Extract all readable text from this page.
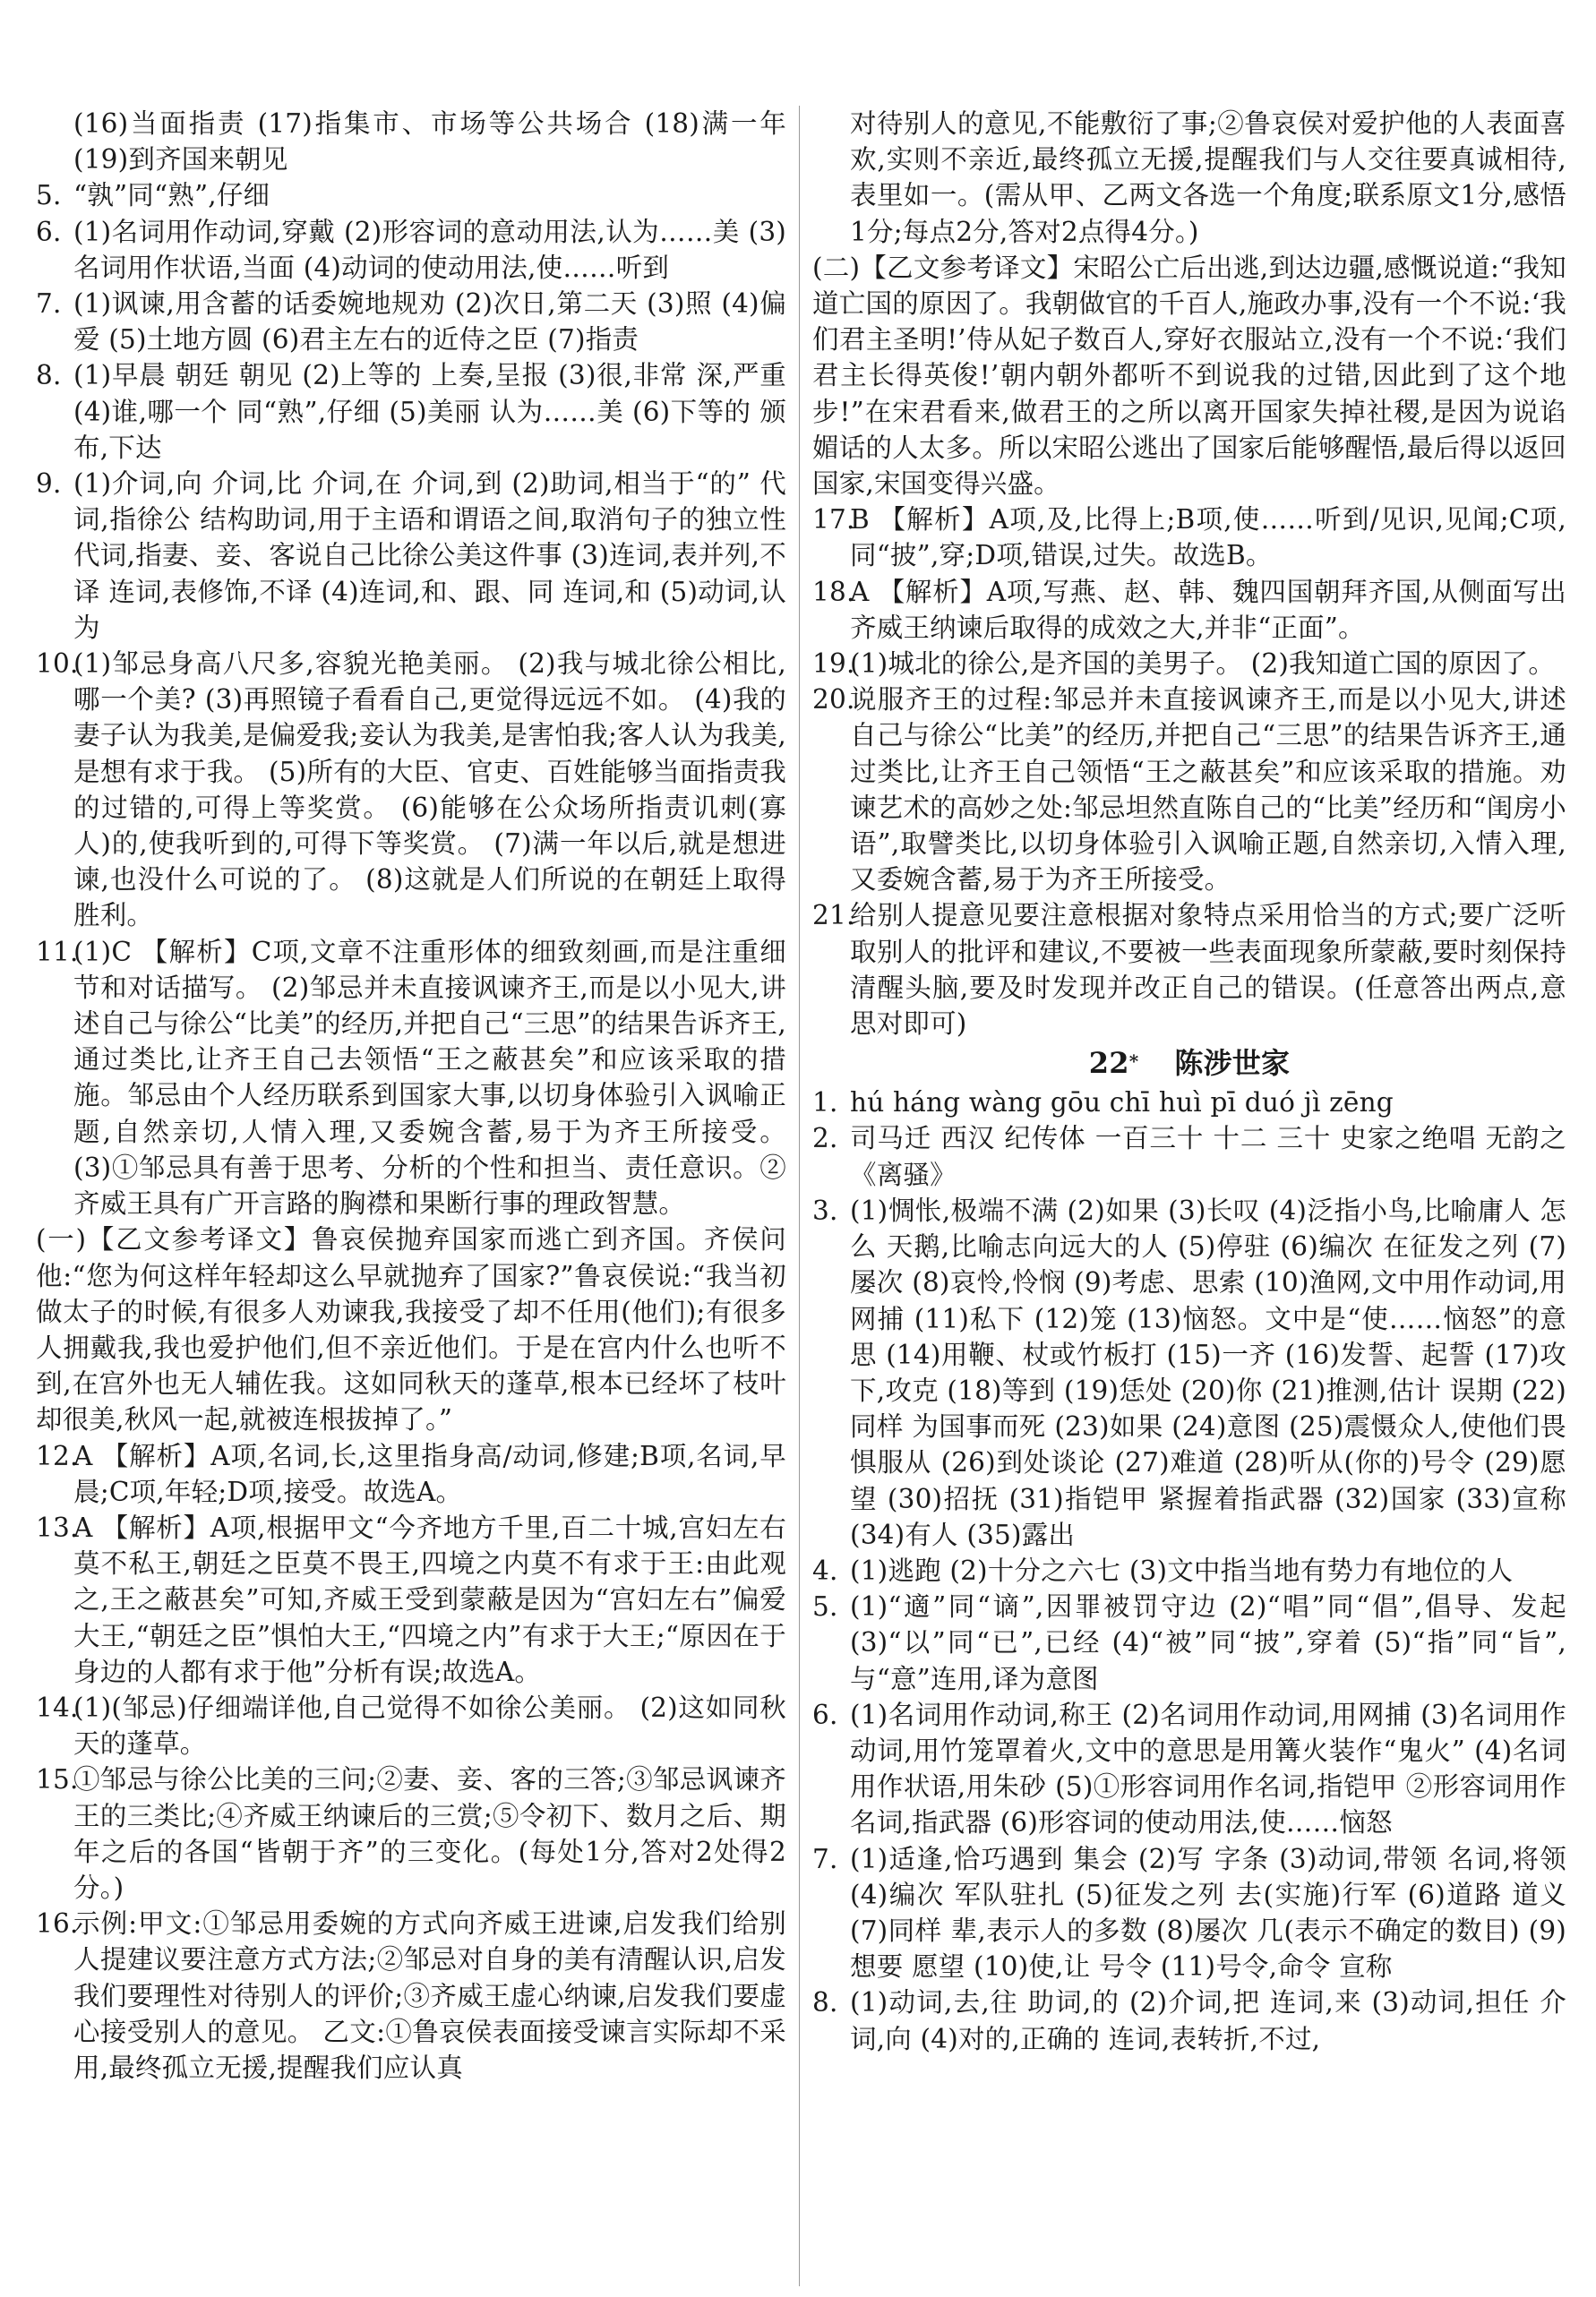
(16)当面指责 (17)指集市、市场等公共场合 (18)满一年 (19)到齐国来朝见
5. “孰”同“熟”,仔细
6. (1)名词用作动词,穿戴 (2)形容词的意动用法,认为……美 (3)名词用作状语,当面 (4)动词的使动用法,使……听到
7. (1)讽谏,用含蓄的话委婉地规劝 (2)次日,第二天 (3)照 (4)偏爱 (5)土地方圆 (6)君主左右的近侍之臣 (7)指责
8. (1)早晨 朝廷 朝见 (2)上等的 上奏,呈报 (3)很,非常 深,严重 (4)谁,哪一个 同“熟”,仔细 (5)美丽 认为……美 (6)下等的 颁布,下达
9. (1)介词,向 介词,比 介词,在 介词,到 (2)助词,相当于“的” 代词,指徐公 结构助词,用于主语和谓语之间,取消句子的独立性 代词,指妻、妾、客说自己比徐公美这件事 (3)连词,表并列,不译 连词,表修饰,不译 (4)连词,和、跟、同 连词,和 (5)动词,认为
10.
(1)邹忌身高八尺多,容貌光艳美丽。 (2)我与城北徐公相比,哪一个美? (3)再照镜子看看自己,更觉得远远不如。 (4)我的妻子认为我美,是偏爱我;妾认为我美,是害怕我;客人认为我美,是想有求于我。 (5)所有的大臣、官吏、百姓能够当面指责我的过错的,可得上等奖赏。 (6)能够在公众场所指责讥刺(寡人)的,使我听到的,可得下等奖赏。 (7)满一年以后,就是想进谏,也没什么可说的了。 (8)这就是人们所说的在朝廷上取得胜利。
11.
(1)C 【解析】C项,文章不注重形体的细致刻画,而是注重细节和对话描写。 (2)邹忌并未直接讽谏齐王,而是以小见大,讲述自己与徐公“比美”的经历,并把自己“三思”的结果告诉齐王,通过类比,让齐王自己去领悟“王之蔽甚矣”和应该采取的措施。邹忌由个人经历联系到国家大事,以切身体验引入讽喻正题,自然亲切,人情入理,又委婉含蓄,易于为齐王所接受。 (3)①邹忌具有善于思考、分析的个性和担当、责任意识。②齐威王具有广开言路的胸襟和果断行事的理政智慧。
(一)【乙文参考译文】鲁哀侯抛弃国家而逃亡到齐国。齐侯问他:“您为何这样年轻却这么早就抛弃了国家?”鲁哀侯说:“我当初做太子的时候,有很多人劝谏我,我接受了却不任用(他们);有很多人拥戴我,我也爱护他们,但不亲近他们。于是在宫内什么也听不到,在宫外也无人辅佐我。这如同秋天的蓬草,根本已经坏了枝叶却很美,秋风一起,就被连根拔掉了。”
12.
A 【解析】A项,名词,长,这里指身高/动词,修建;B项,名词,早晨;C项,年轻;D项,接受。故选A。
13.
A 【解析】A项,根据甲文“今齐地方千里,百二十城,宫妇左右莫不私王,朝廷之臣莫不畏王,四境之内莫不有求于王:由此观之,王之蔽甚矣”可知,齐威王受到蒙蔽是因为“宫妇左右”偏爱大王,“朝廷之臣”惧怕大王,“四境之内”有求于大王;“原因在于身边的人都有求于他”分析有误;故选A。
14.
(1)(邹忌)仔细端详他,自己觉得不如徐公美丽。 (2)这如同秋天的蓬草。
15.
①邹忌与徐公比美的三问;②妻、妾、客的三答;③邹忌讽谏齐王的三类比;④齐威王纳谏后的三赏;⑤令初下、数月之后、期年之后的各国“皆朝于齐”的三变化。(每处1分,答对2处得2分。)
16.
示例:甲文:①邹忌用委婉的方式向齐威王进谏,启发我们给别人提建议要注意方式方法;②邹忌对自身的美有清醒认识,启发我们要理性对待别人的评价;③齐威王虚心纳谏,启发我们要虚心接受别人的意见。 乙文:①鲁哀侯表面接受谏言实际却不采用,最终孤立无援,提醒我们应认真
对待别人的意见,不能敷衍了事;②鲁哀侯对爱护他的人表面喜欢,实则不亲近,最终孤立无援,提醒我们与人交往要真诚相待,表里如一。(需从甲、乙两文各选一个角度;联系原文1分,感悟1分;每点2分,答对2点得4分。)
(二)【乙文参考译文】宋昭公亡后出逃,到达边疆,感慨说道:“我知道亡国的原因了。我朝做官的千百人,施政办事,没有一个不说:‘我们君主圣明!’侍从妃子数百人,穿好衣服站立,没有一个不说:‘我们君主长得英俊!’朝内朝外都听不到说我的过错,因此到了这个地步!”在宋君看来,做君王的之所以离开国家失掉社稷,是因为说谄媚话的人太多。所以宋昭公逃出了国家后能够醒悟,最后得以返回国家,宋国变得兴盛。
17.
B 【解析】A项,及,比得上;B项,使……听到/见识,见闻;C项,同“披”,穿;D项,错误,过失。故选B。
18.
A 【解析】A项,写燕、赵、韩、魏四国朝拜齐国,从侧面写出齐威王纳谏后取得的成效之大,并非“正面”。
19.
(1)城北的徐公,是齐国的美男子。 (2)我知道亡国的原因了。
20.
说服齐王的过程:邹忌并未直接讽谏齐王,而是以小见大,讲述自己与徐公“比美”的经历,并把自己“三思”的结果告诉齐王,通过类比,让齐王自己领悟“王之蔽甚矣”和应该采取的措施。劝谏艺术的高妙之处:邹忌坦然直陈自己的“比美”经历和“闺房小语”,取譬类比,以切身体验引入讽喻正题,自然亲切,入情入理,又委婉含蓄,易于为齐王所接受。
21.
给别人提意见要注意根据对象特点采用恰当的方式;要广泛听取别人的批评和建议,不要被一些表面现象所蒙蔽,要时刻保持清醒头脑,要及时发现并改正自己的错误。(任意答出两点,意思对即可)
22* 陈涉世家
1. hú háng wàng gōu chī huì pī duó jì zēng
2. 司马迁 西汉 纪传体 一百三十 十二 三十 史家之绝唱 无韵之《离骚》
3. (1)惆怅,极端不满 (2)如果 (3)长叹 (4)泛指小鸟,比喻庸人 怎么 天鹅,比喻志向远大的人 (5)停驻 (6)编次 在征发之列 (7)屡次 (8)哀怜,怜悯 (9)考虑、思索 (10)渔网,文中用作动词,用网捕 (11)私下 (12)笼 (13)恼怒。文中是“使……恼怒”的意思 (14)用鞭、杖或竹板打 (15)一齐 (16)发誓、起誓 (17)攻下,攻克 (18)等到 (19)恁处 (20)你 (21)推测,估计 误期 (22)同样 为国事而死 (23)如果 (24)意图 (25)震慑众人,使他们畏惧服从 (26)到处谈论 (27)难道 (28)听从(你的)号令 (29)愿望 (30)招抚 (31)指铠甲 紧握着指武器 (32)国家 (33)宣称 (34)有人 (35)露出
4. (1)逃跑 (2)十分之六七 (3)文中指当地有势力有地位的人
5. (1)“適”同“谪”,因罪被罚守边 (2)“唱”同“倡”,倡导、发起 (3)“以”同“已”,已经 (4)“被”同“披”,穿着 (5)“指”同“旨”,与“意”连用,译为意图
6. (1)名词用作动词,称王 (2)名词用作动词,用网捕 (3)名词用作动词,用竹笼罩着火,文中的意思是用篝火装作“鬼火” (4)名词用作状语,用朱砂 (5)①形容词用作名词,指铠甲 ②形容词用作名词,指武器 (6)形容词的使动用法,使……恼怒
7. (1)适逢,恰巧遇到 集会 (2)写 字条 (3)动词,带领 名词,将领 (4)编次 军队驻扎 (5)征发之列 去(实施)行军 (6)道路 道义 (7)同样 辈,表示人的多数 (8)屡次 几(表示不确定的数目) (9)想要 愿望 (10)使,让 号令 (11)号令,命令 宣称
8. (1)动词,去,往 助词,的 (2)介词,把 连词,来 (3)动词,担任 介词,向 (4)对的,正确的 连词,表转折,不过,
